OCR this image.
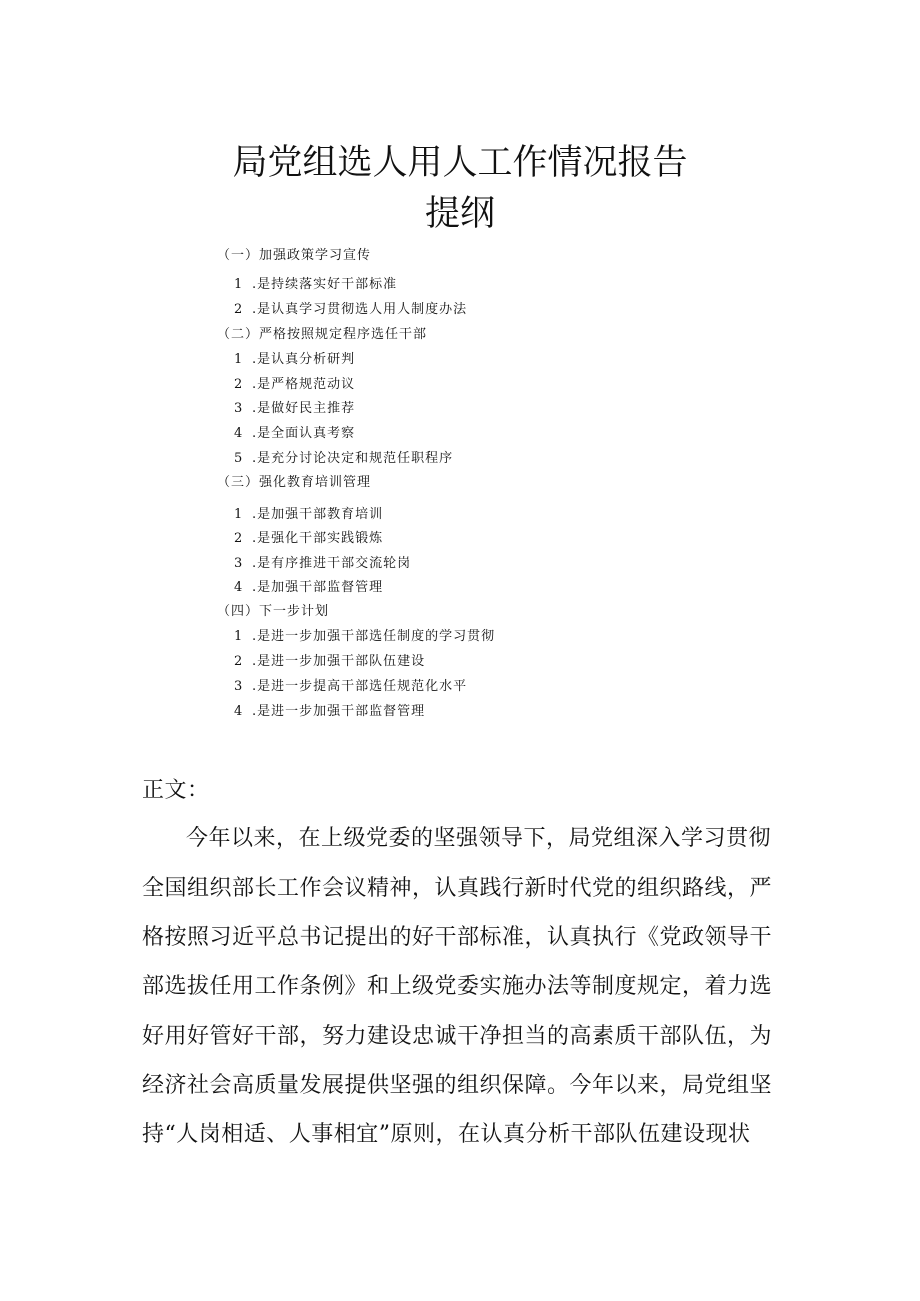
局党组选人用人工作情况报告
提纲
（一）加强政策学习宣传
1 .是持续落实好干部标准
2 .是认真学习贯彻选人用人制度办法
（二）严格按照规定程序选任干部
1 .是认真分析研判
2 .是严格规范动议
3 .是做好民主推荐
4 .是全面认真考察
5 .是充分讨论决定和规范任职程序
（三）强化教育培训管理
1 .是加强干部教育培训
2 .是强化干部实践锻炼
3 .是有序推进干部交流轮岗
4 .是加强干部监督管理
（四）下一步计划
1 .是进一步加强干部选任制度的学习贯彻
2 .是进一步加强干部队伍建设
3 .是进一步提高干部选任规范化水平
4 .是进一步加强干部监督管理
正文：
今年以来，在上级党委的坚强领导下，局党组深入学习贯彻
全国组织部长工作会议精神，认真践行新时代党的组织路线，严
格按照习近平总书记提出的好干部标准，认真执行《党政领导干
部选拔任用工作条例》和上级党委实施办法等制度规定，着力选
好用好管好干部，努力建设忠诚干净担当的高素质干部队伍，为
经济社会高质量发展提供坚强的组织保障。今年以来，局党组坚
持“人岗相适、人事相宜”原则，在认真分析干部队伍建设现状
